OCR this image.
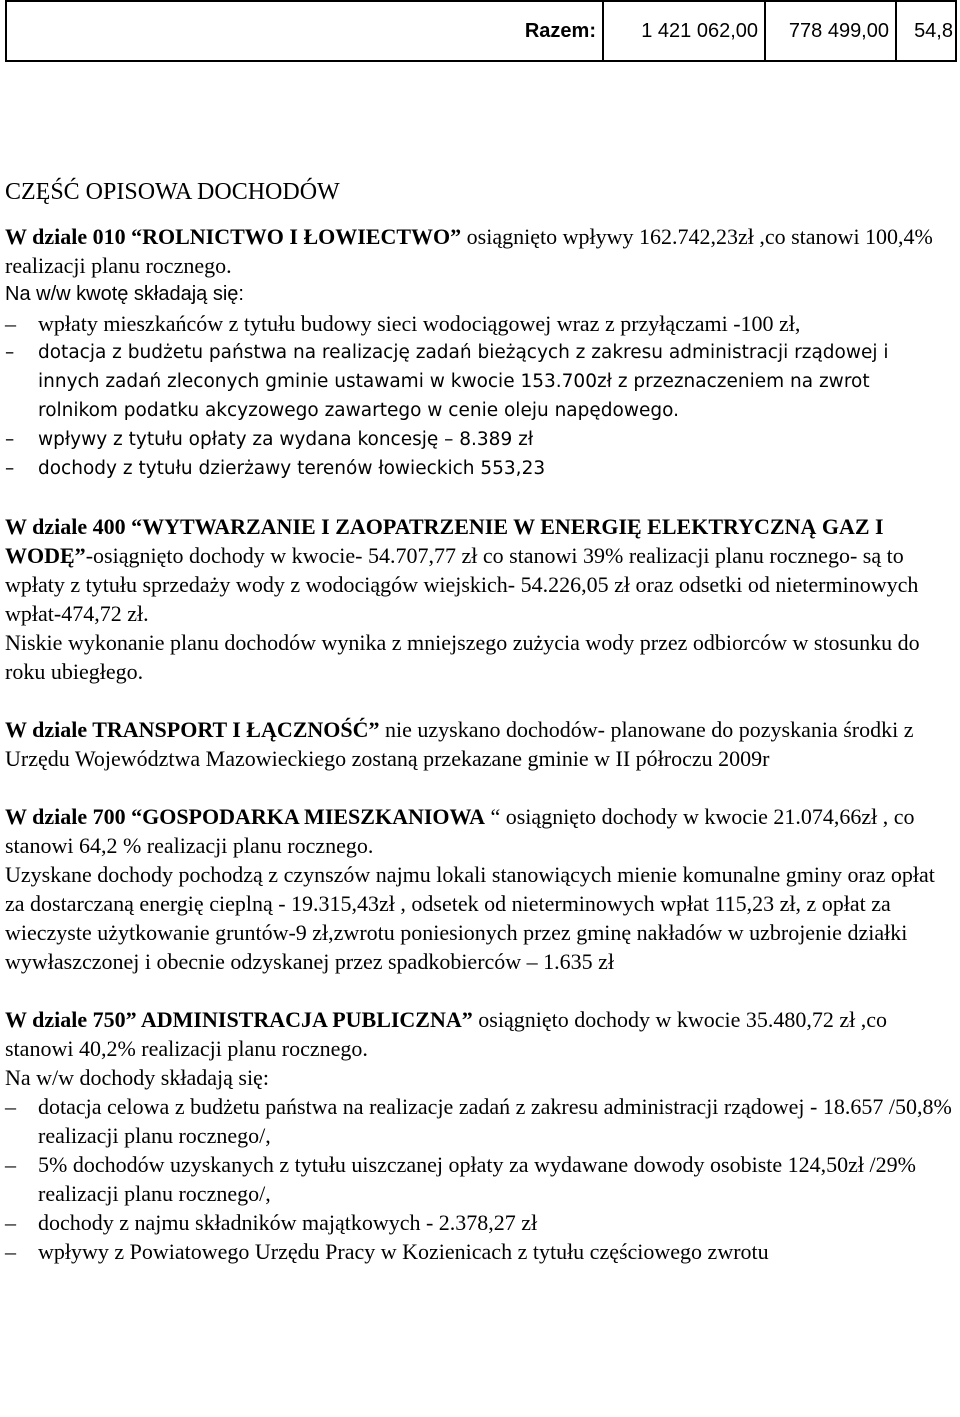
Razem:	1 421 062,00	778 499,00	54,8
CZĘŚĆ OPISOWA DOCHODÓW

W dziale 010 “ROLNICTWO I ŁOWIECTWO” osiągnięto wpływy 162.742,23zł ,co stanowi 100,4% realizacji planu rocznego.

Na w/w kwotę składają się:

– wpłaty mieszkańców z tytułu budowy sieci wodociągowej wraz z przyłączami -100 zł,
– dotacja z budżetu państwa na realizację zadań bieżących z zakresu administracji rządowej i innych zadań zleconych gminie ustawami w kwocie 153.700zł z przeznaczeniem na zwrot rolnikom podatku akcyzowego zawartego w cenie oleju napędowego.
– wpływy z tytułu opłaty za wydana koncesję – 8.389 zł
– dochody z tytułu dzierżawy terenów łowieckich 553,23

W dziale 400 “WYTWARZANIE I ZAOPATRZENIE W ENERGIĘ ELEKTRYCZNĄ GAZ I WODĘ”-osiągnięto dochody w kwocie- 54.707,77 zł co stanowi 39% realizacji planu rocznego- są to wpłaty z tytułu sprzedaży wody z wodociągów wiejskich- 54.226,05 zł oraz odsetki od nieterminowych wpłat-474,72 zł.

Niskie wykonanie planu dochodów wynika z mniejszego zużycia wody przez odbiorców w stosunku do roku ubiegłego.

W dziale TRANSPORT I ŁĄCZNOŚĆ” nie uzyskano dochodów- planowane do pozyskania środki z Urzędu Województwa Mazowieckiego zostaną przekazane gminie w II półroczu 2009r

W dziale 700 “GOSPODARKA MIESZKANIOWA “ osiągnięto dochody w kwocie 21.074,66zł , co stanowi 64,2 % realizacji planu rocznego.

Uzyskane dochody pochodzą z czynszów najmu lokali stanowiących mienie komunalne gminy oraz opłat za dostarczaną energię cieplną - 19.315,43zł , odsetek od nieterminowych wpłat 115,23 zł, z opłat za wieczyste użytkowanie gruntów-9 zł,zwrotu poniesionych przez gminę nakładów w uzbrojenie działki wywłaszczonej i obecnie odzyskanej przez spadkobierców – 1.635 zł

W dziale 750” ADMINISTRACJA PUBLICZNA” osiągnięto dochody w kwocie 35.480,72 zł ,co stanowi 40,2% realizacji planu rocznego.

Na w/w dochody składają się:

– dotacja celowa z budżetu państwa na realizacje zadań z zakresu administracji rządowej - 18.657 /50,8% realizacji planu rocznego/,
– 5% dochodów uzyskanych z tytułu uiszczanej opłaty za wydawane dowody osobiste 124,50zł /29% realizacji planu rocznego/,
– dochody z najmu składników majątkowych - 2.378,27 zł
– wpływy z Powiatowego Urzędu Pracy w Kozienicach z tytułu częściowego zwrotu
